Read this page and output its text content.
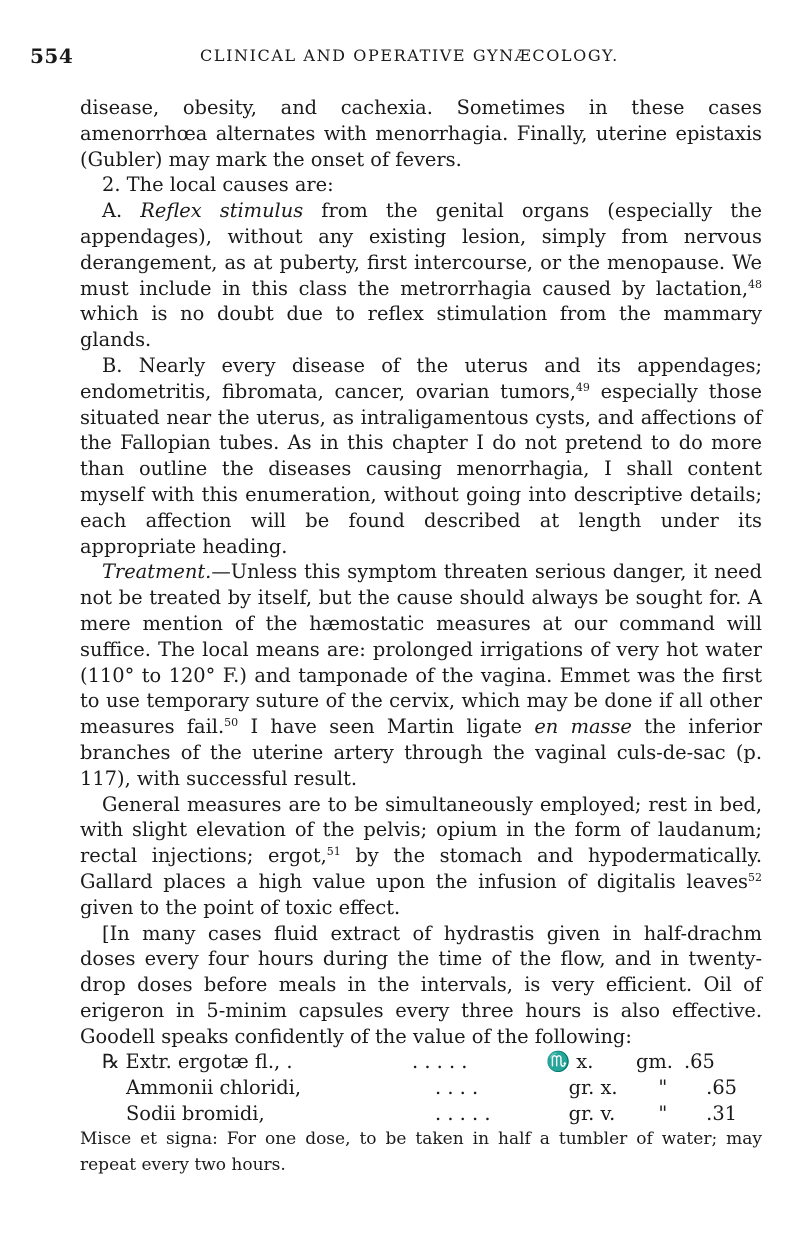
554	CLINICAL AND OPERATIVE GYNÆCOLOGY.

disease, obesity, and cachexia. Sometimes in these cases amenorrhœa alternates with menorrhagia. Finally, uterine epistaxis (Gubler) may mark the onset of fevers.

2. The local causes are:

A. Reflex stimulus from the genital organs (especially the appendages), without any existing lesion, simply from nervous derangement, as at puberty, first intercourse, or the menopause. We must include in this class the metrorrhagia caused by lactation,$^{48}$ which is no doubt due to reflex stimulation from the mammary glands.

B. Nearly every disease of the uterus and its appendages; endometritis, fibromata, cancer, ovarian tumors,$^{49}$ especially those situated near the uterus, as intraligamentous cysts, and affections of the Fallopian tubes. As in this chapter I do not pretend to do more than outline the diseases causing menorrhagia, I shall content myself with this enumeration, without going into descriptive details; each affection will be found described at length under its appropriate heading.

Treatment.—Unless this symptom threaten serious danger, it need not be treated by itself, but the cause should always be sought for. A mere mention of the hæmostatic measures at our command will suffice. The local means are: prolonged irrigations of very hot water (110° to 120° F.) and tamponade of the vagina. Emmet was the first to use temporary suture of the cervix, which may be done if all other measures fail.$^{50}$ I have seen Martin ligate en masse the inferior branches of the uterine artery through the vaginal culs-de-sac (p. 117), with successful result.

General measures are to be simultaneously employed; rest in bed, with slight elevation of the pelvis; opium in the form of laudanum; rectal injections; ergot,$^{51}$ by the stomach and hypodermatically. Gallard places a high value upon the infusion of digitalis leaves$^{52}$ given to the point of toxic effect.

[In many cases fluid extract of hydrastis given in half-drachm doses every four hours during the time of the flow, and in twenty-drop doses before meals in the intervals, is very efficient. Oil of erigeron in 5-minim capsules every three hours is also effective. Goodell speaks confidently of the value of the following:

℞ Extr. ergotæ fl., .	. . . . .	♏ x.	gm. .65
Ammonii chloridi,	. . . .	gr. x.	"	.65
Sodii bromidi,	. . . . .	gr. v.	"	.31

Misce et signa: For one dose, to be taken in half a tumbler of water; may repeat every two hours.
